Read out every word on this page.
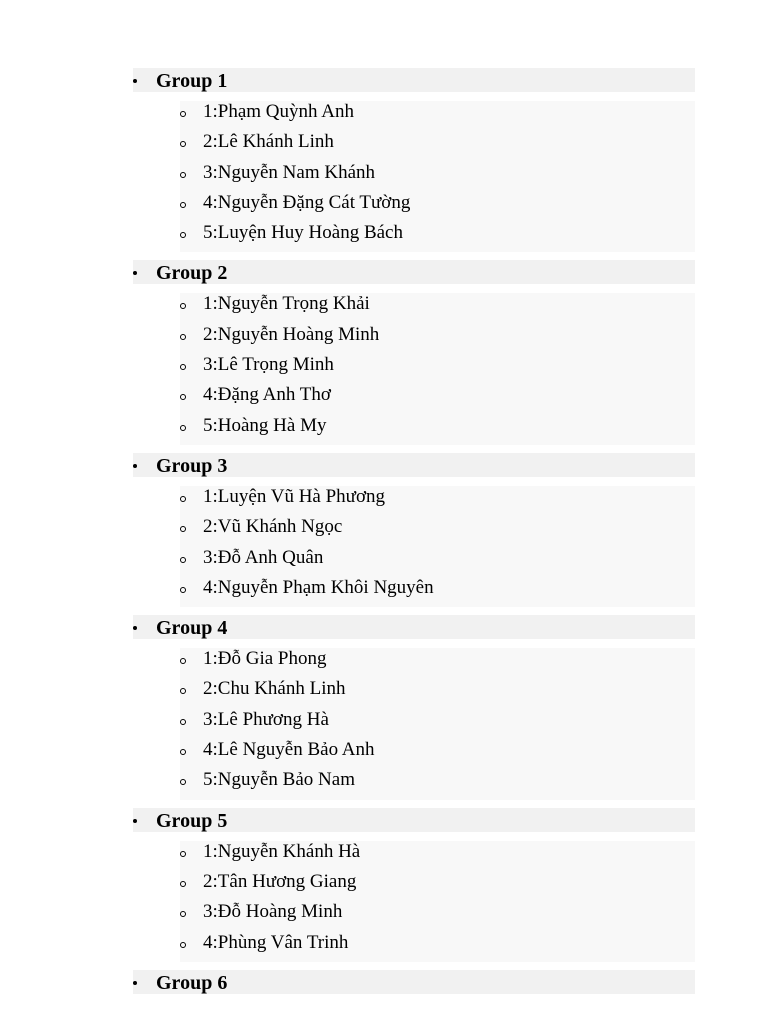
Group 1
1:Phạm Quỳnh Anh
2:Lê Khánh Linh
3:Nguyễn Nam Khánh
4:Nguyễn Đặng Cát Tường
5:Luyện Huy Hoàng Bách
Group 2
1:Nguyễn Trọng Khải
2:Nguyễn Hoàng Minh
3:Lê Trọng Minh
4:Đặng Anh Thơ
5:Hoàng Hà My
Group 3
1:Luyện Vũ Hà Phương
2:Vũ Khánh Ngọc
3:Đỗ Anh Quân
4:Nguyễn Phạm Khôi Nguyên
Group 4
1:Đỗ Gia Phong
2:Chu Khánh Linh
3:Lê Phương Hà
4:Lê Nguyễn Bảo Anh
5:Nguyễn Bảo Nam
Group 5
1:Nguyễn Khánh Hà
2:Tân Hương Giang
3:Đỗ Hoàng Minh
4:Phùng Vân Trinh
Group 6
